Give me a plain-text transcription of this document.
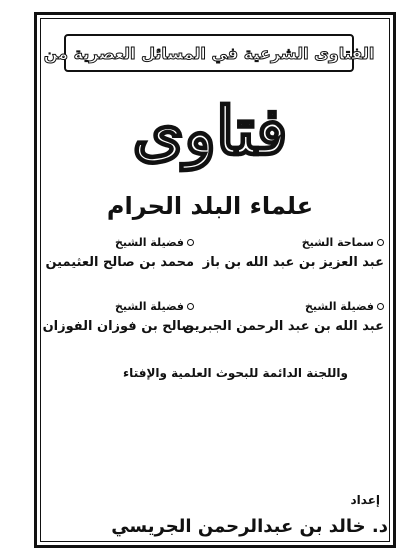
الفتاوى الشرعية في المسائل العصرية من
فتاوى
علماء البلد الحرام
سماحة الشيخ
عبد العزيز بن عبد الله بن باز
فضيلة الشيخ
محمد بن صالح العثيمين
فضيلة الشيخ
عبد الله بن عبد الرحمن الجبرين
فضيلة الشيخ
صالح بن فوزان الفوزان
واللجنة الدائمة للبحوث العلمية والإفتاء
إعداد
د. خالد بن عبدالرحمن الجريسي
